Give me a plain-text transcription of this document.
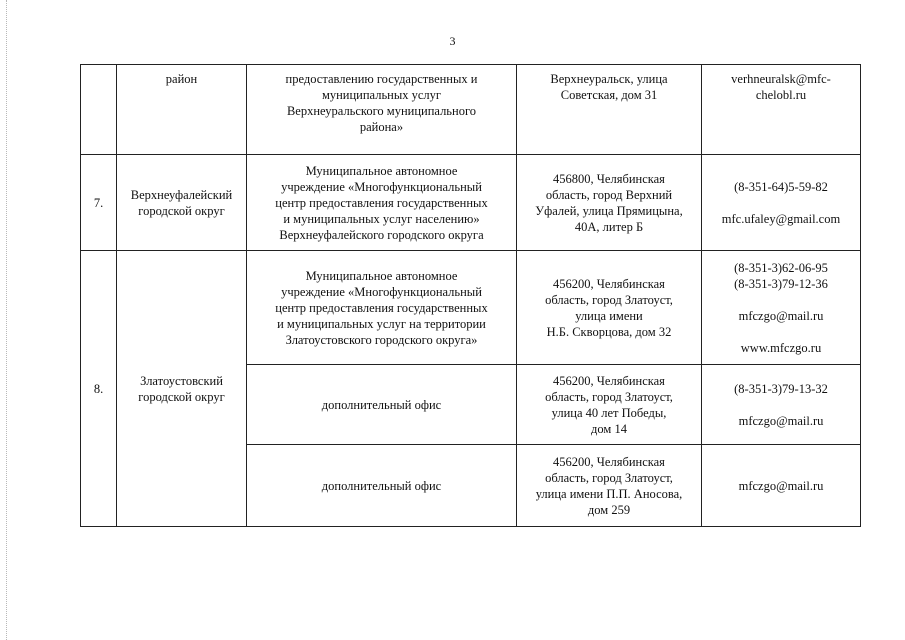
3

	район	предоставлению государственных и
муниципальных услуг
Верхнеуральского муниципального
района»	Верхнеуральск, улица
Советская, дом 31	verhneuralsk@mfc-
chelobl.ru

7.	Верхнеуфалейский
городской округ	Муниципальное автономное
учреждение «Многофункциональный
центр предоставления государственных
и муниципальных услуг населению»
Верхнеуфалейского городского округа	456800, Челябинская
область, город Верхний
Уфалей, улица Прямицына,
40А, литер Б	(8-351-64)5-59-82
mfc.ufaley@gmail.com

8.	Златоустовский
городской округ	Муниципальное автономное
учреждение «Многофункциональный
центр предоставления государственных
и муниципальных услуг на территории
Златоустовского городского округа»	456200, Челябинская
область, город Златоуст,
улица имени
Н.Б. Скворцова, дом 32	(8-351-3)62-06-95
(8-351-3)79-12-36
mfczgo@mail.ru
www.mfczgo.ru

		дополнительный офис	456200, Челябинская
область, город Златоуст,
улица 40 лет Победы,
дом 14	(8-351-3)79-13-32
mfczgo@mail.ru

		дополнительный офис	456200, Челябинская
область, город Златоуст,
улица имени П.П. Аносова,
дом 259	mfczgo@mail.ru
